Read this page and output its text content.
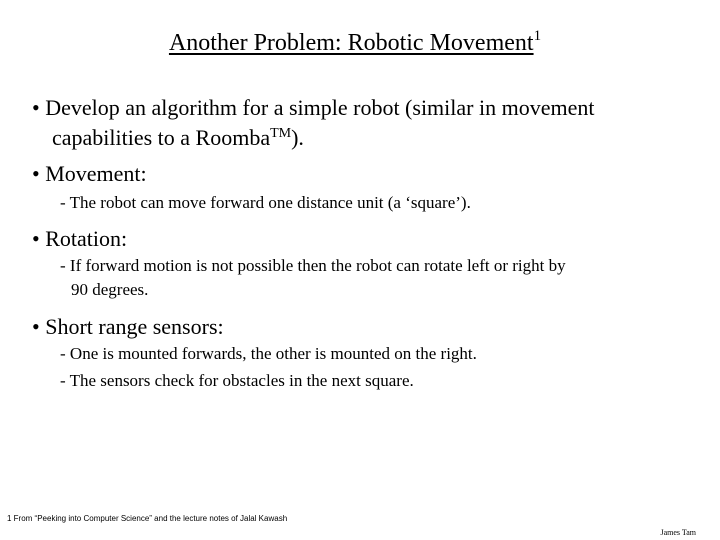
Another Problem: Robotic Movement$^1$
• Develop an algorithm for a simple robot (similar in movement
capabilities to a Roomba™).
• Movement:
- The robot can move forward one distance unit (a ‘square’).
• Rotation:
- If forward motion is not possible then the robot can rotate left or right by
90 degrees.
• Short range sensors:
- One is mounted forwards, the other is mounted on the right.
- The sensors check for obstacles in the next square.
1 From “Peeking into Computer Science” and the lecture notes of Jalal Kawash
James Tam
